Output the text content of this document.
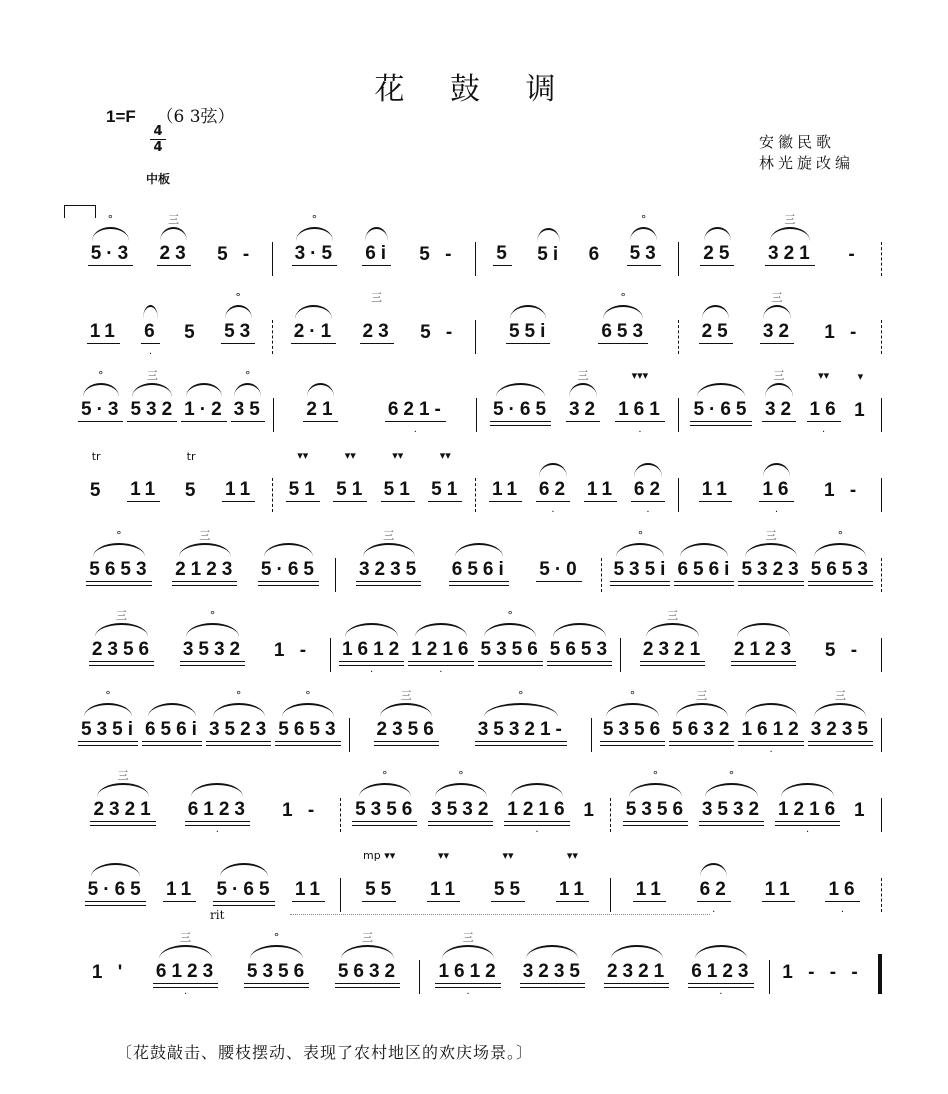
花 鼓 调
1=F （6 3弦）
4
4
中板
安徽民歌
林光旋改编
°
5·3
三
23 5 -
°
3·5 6i 5 - 5 5i 6
°
53 25
三
321 -
11 6
·
5
°
53 2·1
三
23 5 -	55i
°
653	25
三
32 1 -
°
5·3
三
532 1·2
°
35 21	621-
·
5·65
三
32
▾▾▾
161
·
5·65
三
32
▾▾
16
·
▾
1
tr
5 11
tr
5 11
▾▾
51
▾▾
51
▾▾
51
▾▾
51 11 62
·
11 62
·
11 16
·
1 -
°
5653
三
2123 5·65
三
3235 656i 5·0
°
535i 656i
三
5323
°
5653
三
2356
°
3532 1 - 1612
·
1216
·
°
5356 5653
三
2321 2123 5 -
°
535i 656i
°
3523
°
5653
三
2356
°
35321-
°
5356
三
5632 1612
·
三
3235
三
2321 6123
·
1 -
°
5356
°
3532 1216
·
1
°
5356
°
3532 1216
·
1
5·65 11 5·65 11
mp ▾▾
55
▾▾
11
▾▾
55
▾▾
11 11 62
·
11 16
·
1 '
三
6123
·
°
5356
三
5632
三
1612
·
3235 2321 6123
·
1 - - -
rit
〔花鼓敲击、腰枝摆动、表现了农村地区的欢庆场景。〕
